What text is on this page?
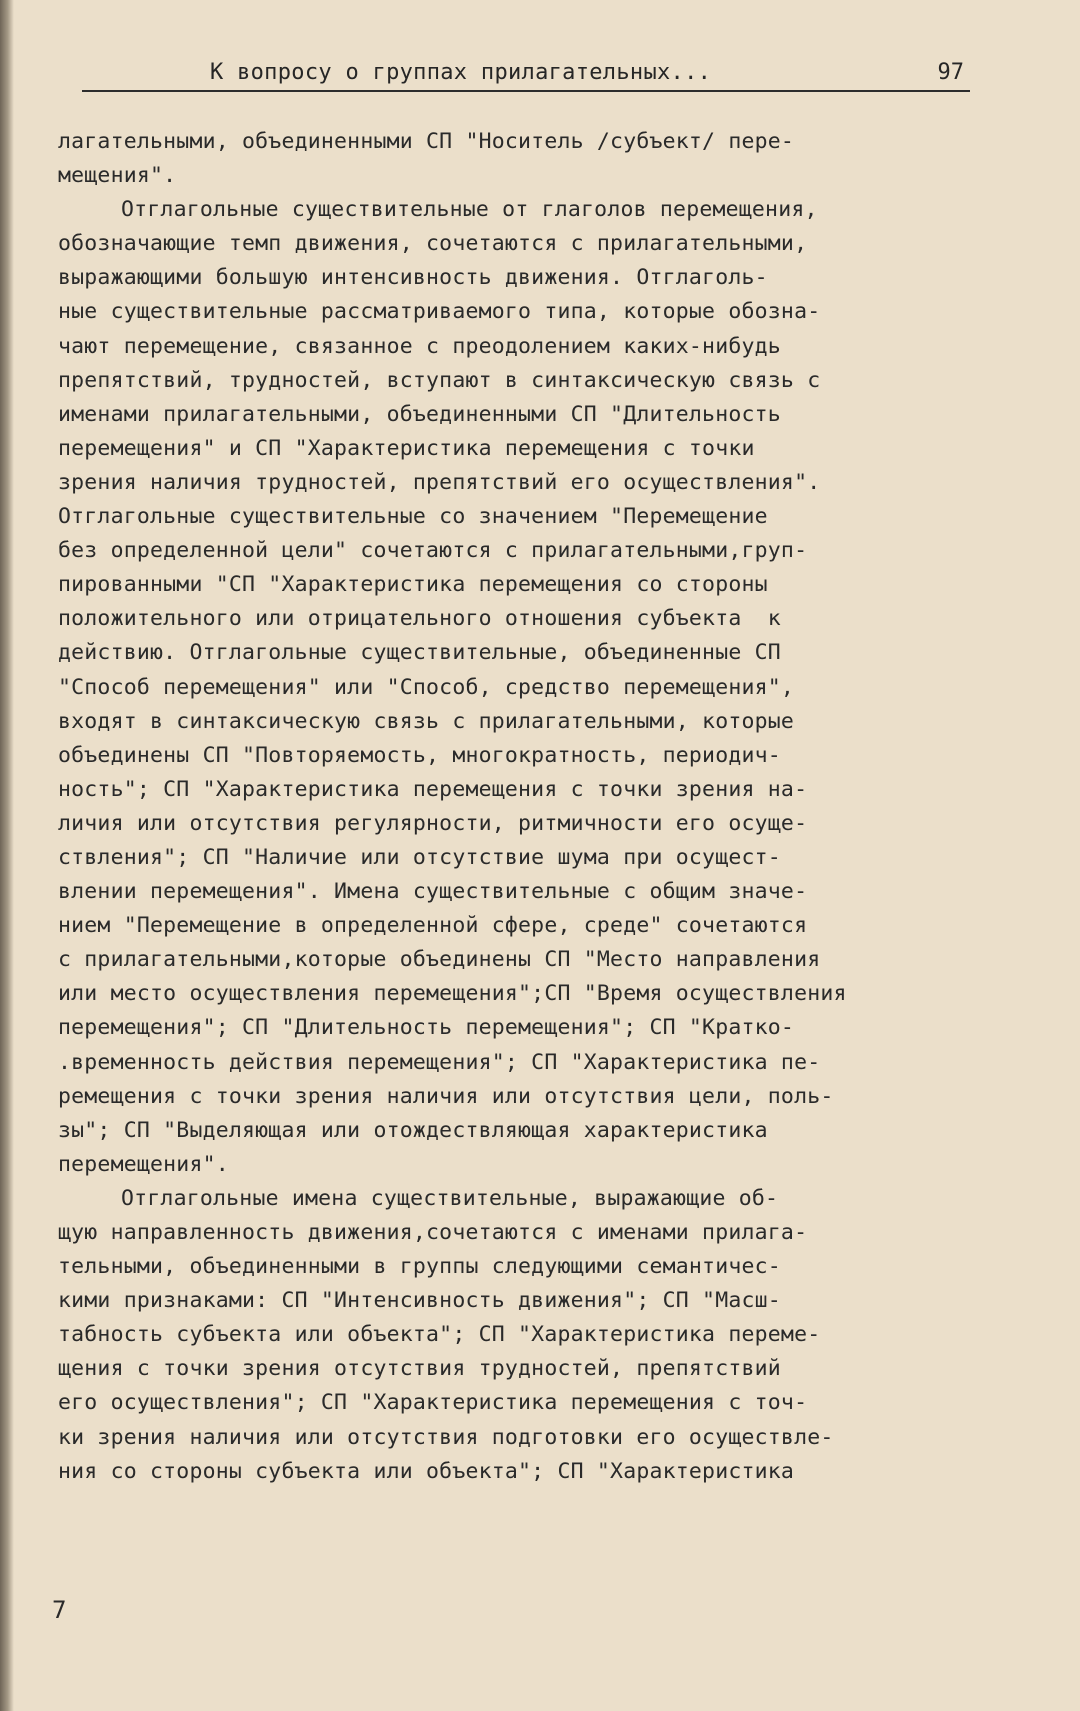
К вопросу о группах прилагательных...	97
лагательными, объединенными СП "Носитель /субъект/ пере-
мещения".
Отглагольные существительные от глаголов перемещения,
обозначающие темп движения, сочетаются с прилагательными,
выражающими большую интенсивность движения. Отглаголь-
ные существительные рассматриваемого типа, которые обозна-
чают перемещение, связанное с преодолением каких-нибудь
препятствий, трудностей, вступают в синтаксическую связь с
именами прилагательными, объединенными СП "Длительность
перемещения" и СП "Характеристика перемещения с точки
зрения наличия трудностей, препятствий его осуществления".
Отглагольные существительные со значением "Перемещение
без определенной цели" сочетаются с прилагательными,груп-
пированными "СП "Характеристика перемещения со стороны
положительного или отрицательного отношения субъекта  к
действию. Отглагольные существительные, объединенные СП
"Способ перемещения" или "Способ, средство перемещения",
входят в синтаксическую связь с прилагательными, которые
объединены СП "Повторяемость, многократность, периодич-
ность"; СП "Характеристика перемещения с точки зрения на-
личия или отсутствия регулярности, ритмичности его осуще-
ствления"; СП "Наличие или отсутствие шума при осущест-
влении перемещения". Имена существительные с общим значе-
нием "Перемещение в определенной сфере, среде" сочетаются
с прилагательными,которые объединены СП "Место направления
или место осуществления перемещения";СП "Время осуществления
перемещения"; СП "Длительность перемещения"; СП "Кратко-
.временность действия перемещения"; СП "Характеристика пе-
ремещения с точки зрения наличия или отсутствия цели, поль-
зы"; СП "Выделяющая или отождествляющая характеристика
перемещения".
Отглагольные имена существительные, выражающие об-
щую направленность движения,сочетаются с именами прилага-
тельными, объединенными в группы следующими семантичес-
кими признаками: СП "Интенсивность движения"; СП "Масш-
табность субъекта или объекта"; СП "Характеристика переме-
щения с точки зрения отсутствия трудностей, препятствий
его осуществления"; СП "Характеристика перемещения с точ-
ки зрения наличия или отсутствия подготовки его осуществле-
ния со стороны субъекта или объекта"; СП "Характеристика
7
